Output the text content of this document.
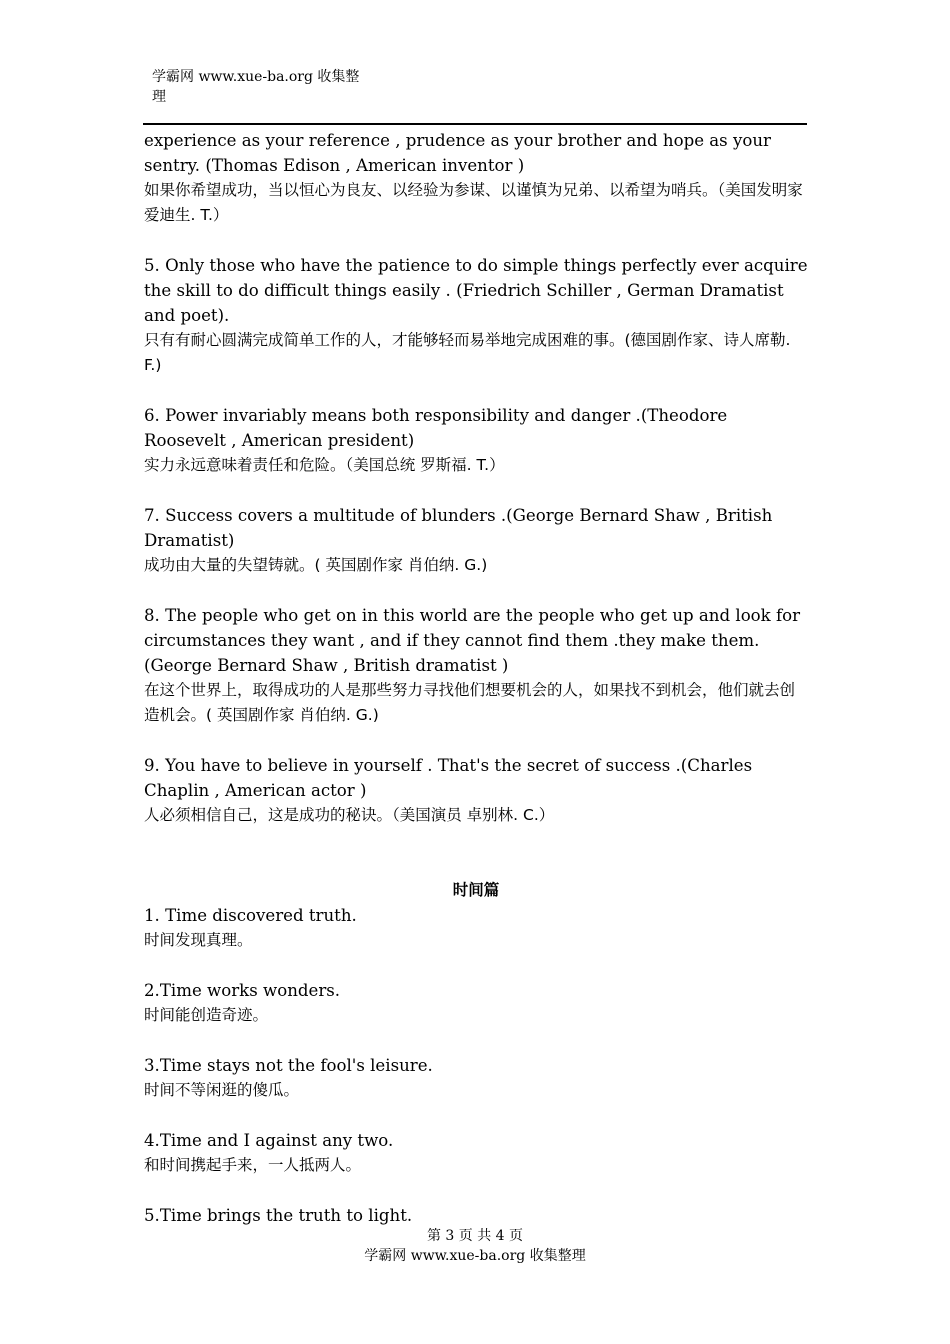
学霸网 www.xue-ba.org 收集整
理

experience as your reference , prudence as your brother and hope as your sentry. (Thomas Edison , American inventor )

如果你希望成功，当以恒心为良友、以经验为参谋、以谨慎为兄弟、以希望为哨兵。（美国发明家 爱迪生. T.）

5. Only those who have the patience to do simple things perfectly ever acquire the skill to do difficult things easily . (Friedrich Schiller , German Dramatist and poet).

只有有耐心圆满完成简单工作的人，才能够轻而易举地完成困难的事。(德国剧作家、诗人席勒. F.)

6. Power invariably means both responsibility and danger .(Theodore Roosevelt , American president)

实力永远意味着责任和危险。（美国总统 罗斯福. T.）

7. Success covers a multitude of blunders .(George Bernard Shaw , British Dramatist)

成功由大量的失望铸就。( 英国剧作家 肖伯纳. G.)

8. The people who get on in this world are the people who get up and look for circumstances they want , and if they cannot find them .they make them. (George Bernard Shaw , British dramatist )

在这个世界上，取得成功的人是那些努力寻找他们想要机会的人，如果找不到机会，他们就去创造机会。( 英国剧作家 肖伯纳. G.)

9. You have to believe in yourself . That's the secret of success .(Charles Chaplin , American actor )

人必须相信自己，这是成功的秘诀。（美国演员 卓别林. C.）

时间篇

1. Time discovered truth.

时间发现真理。

2.Time works wonders.

时间能创造奇迹。

3.Time stays not the fool's leisure.

时间不等闲逛的傻瓜。

4.Time and I against any two.

和时间携起手来，一人抵两人。

5.Time brings the truth to light.

第 3 页 共 4 页
学霸网 www.xue-ba.org 收集整理
